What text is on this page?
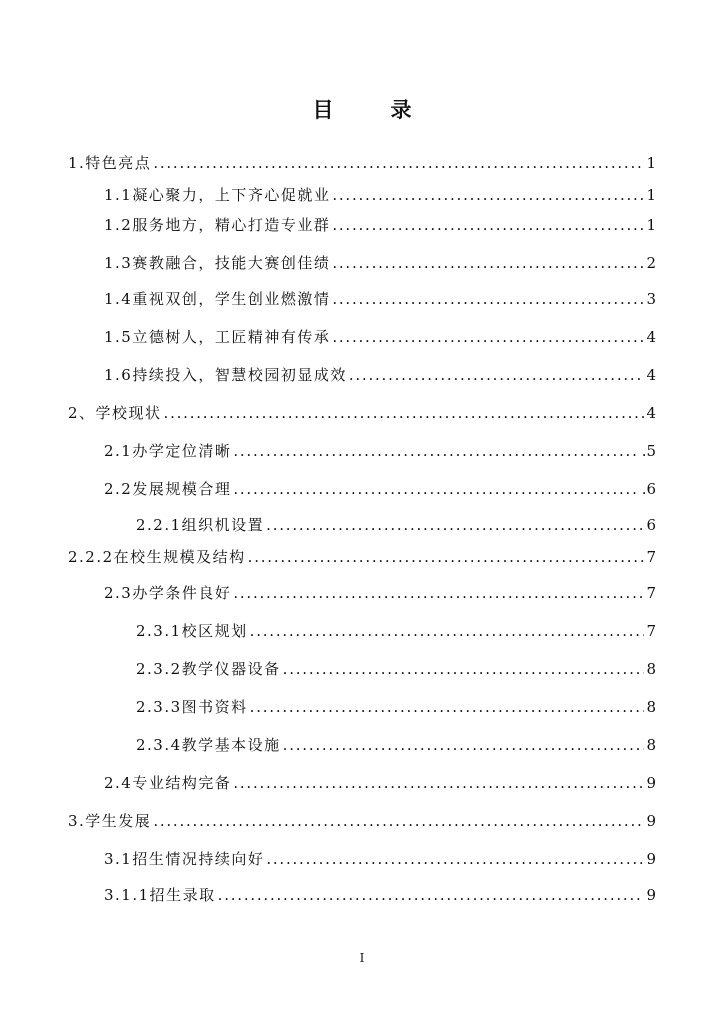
目　录
1.特色亮点 . . .	1
1.1凝心聚力，上下齐心促就业 . . .	1
1.2服务地方，精心打造专业群 . . .	1
1.3赛教融合，技能大赛创佳绩 . . .	2
1.4重视双创，学生创业燃激情 . . .	3
1.5立德树人，工匠精神有传承 . . .	4
1.6持续投入，智慧校园初显成效 . . .	4
2、学校现状 . . .	4
2.1办学定位清晰 . . .	.5
2.2发展规模合理 . . .	.6
2.2.1组织机设置 . . .	6
2.2.2在校生规模及结构 . . .	7
2.3办学条件良好 . . .	7
2.3.1校区规划 . . .	7
2.3.2教学仪器设备 . . .	8
2.3.3图书资料 . . .	8
2.3.4教学基本设施 . . .	8
2.4专业结构完备 . . .	9
3.学生发展 . . .	9
3.1招生情况持续向好 . . .	9
3.1.1招生录取 . . .	9
I
